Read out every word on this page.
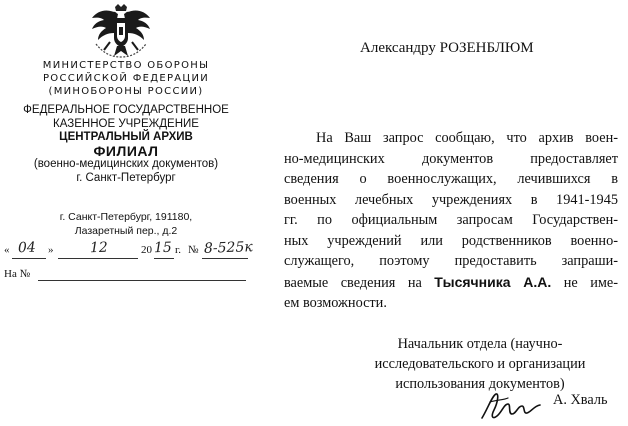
МИНИСТЕРСТВО ОБОРОНЫ
РОССИЙСКОЙ ФЕДЕРАЦИИ
(МИНОБОРОНЫ РОССИИ)
ФЕДЕРАЛЬНОЕ ГОСУДАРСТВЕННОЕ
КАЗЕННОЕ УЧРЕЖДЕНИЕ
ЦЕНТРАЛЬНЫЙ АРХИВ
ФИЛИАЛ
(военно-медицинских документов)
г. Санкт-Петербург
г. Санкт-Петербург, 191180,
Лазаретный пер., д.2
« 04 »	12	20 15 г. № 8-525к
На №
Александру РОЗЕНБЛЮМ
На Ваш запрос сообщаю, что архив воен-
но-медицинских документов предоставляет
сведения о военнослужащих, лечившихся в
военных лечебных учреждениях в 1941-1945
гг. по официальным запросам Государствен-
ных учреждений или родственников военно-
служащего, поэтому предоставить запраши-
ваемые сведения на Тысячника А.А. не имe-
ем возможности.
Начальник отдела (научно-
исследовательского и организации
использования документов)
А. Хваль
